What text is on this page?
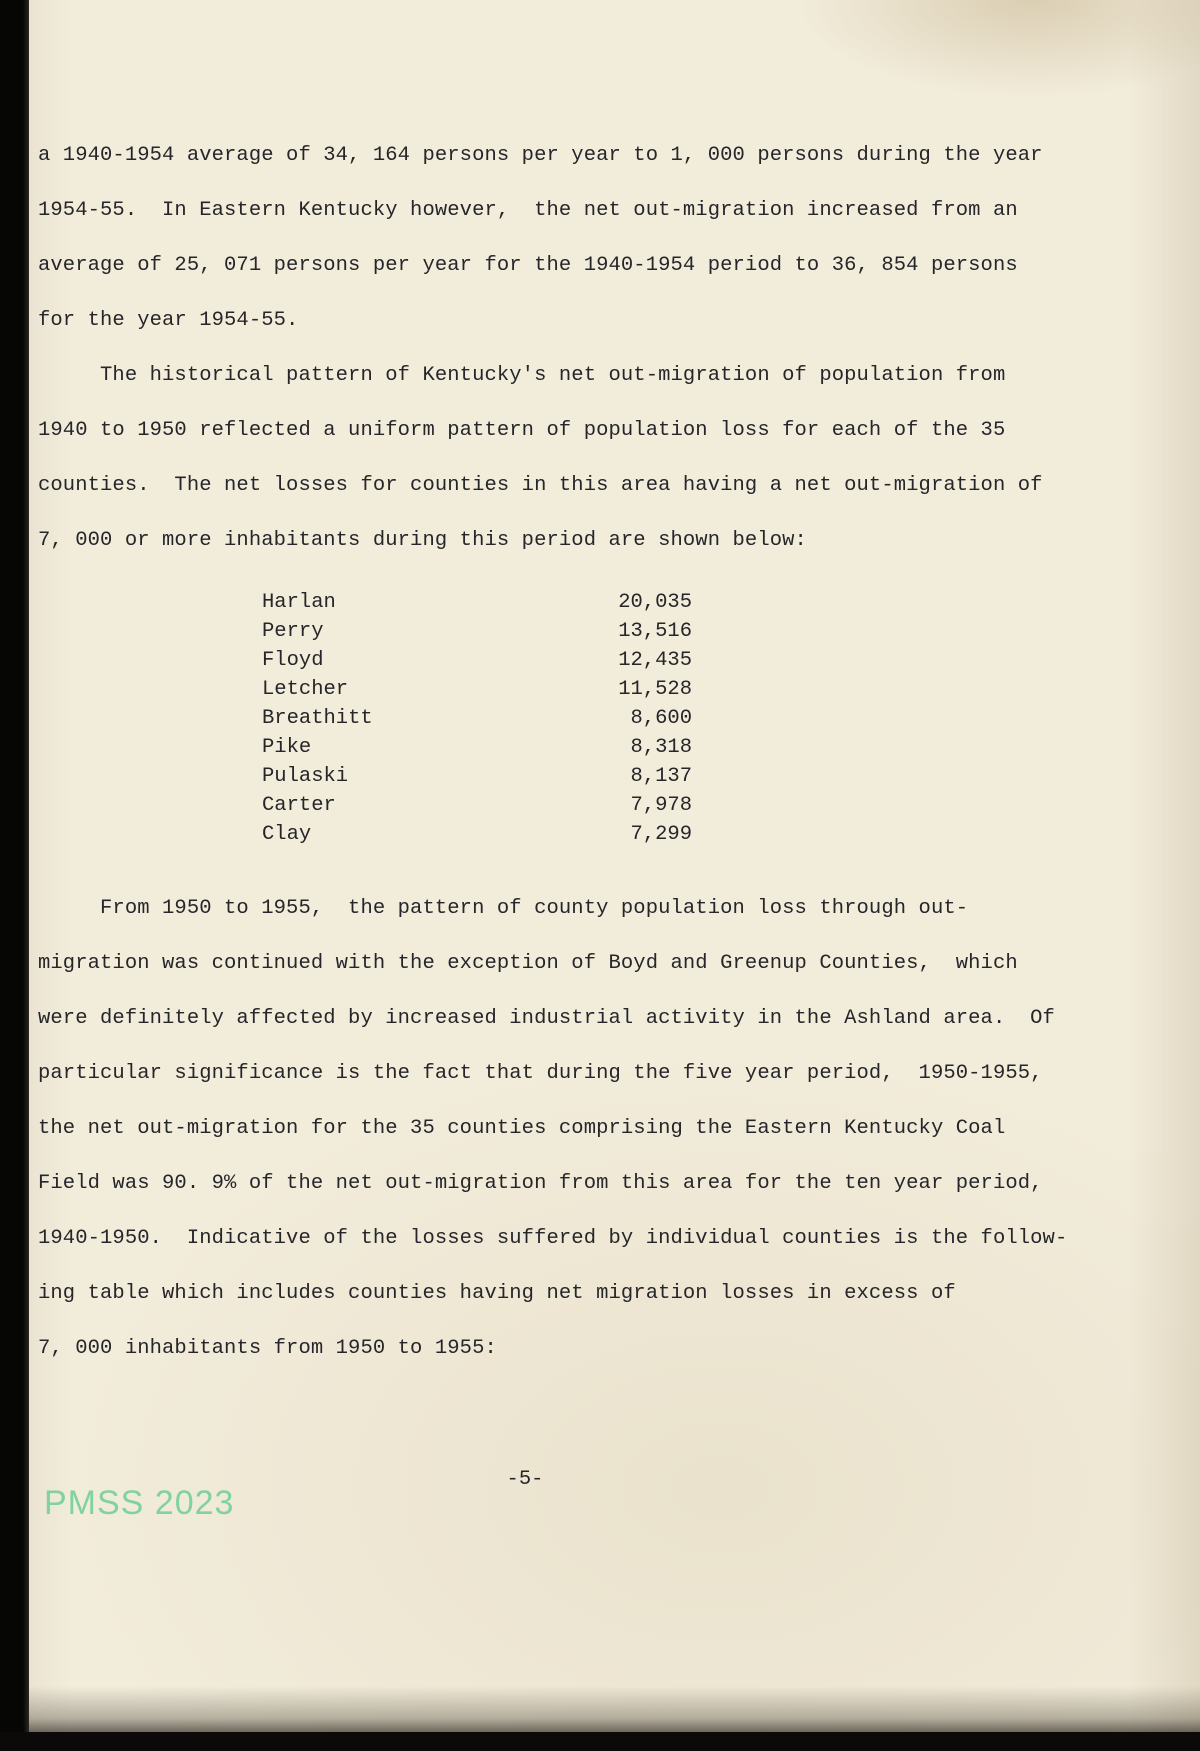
a 1940-1954 average of 34, 164 persons per year to 1, 000 persons during the year
1954-55.  In Eastern Kentucky however,  the net out-migration increased from an
average of 25, 071 persons per year for the 1940-1954 period to 36, 854 persons
for the year 1954-55.
The historical pattern of Kentucky's net out-migration of population from
1940 to 1950 reflected a uniform pattern of population loss for each of the 35
counties.  The net losses for counties in this area having a net out-migration of
7, 000 or more inhabitants during this period are shown below:
Harlan	20,035
Perry	13,516
Floyd	12,435
Letcher	11,528
Breathitt	8,600
Pike	8,318
Pulaski	8,137
Carter	7,978
Clay	7,299
From 1950 to 1955,  the pattern of county population loss through out-
migration was continued with the exception of Boyd and Greenup Counties,  which
were definitely affected by increased industrial activity in the Ashland area.  Of
particular significance is the fact that during the five year period,  1950-1955,
the net out-migration for the 35 counties comprising the Eastern Kentucky Coal
Field was 90. 9% of the net out-migration from this area for the ten year period,
1940-1950.  Indicative of the losses suffered by individual counties is the follow-
ing table which includes counties having net migration losses in excess of
7, 000 inhabitants from 1950 to 1955:
-5-
PMSS 2023
